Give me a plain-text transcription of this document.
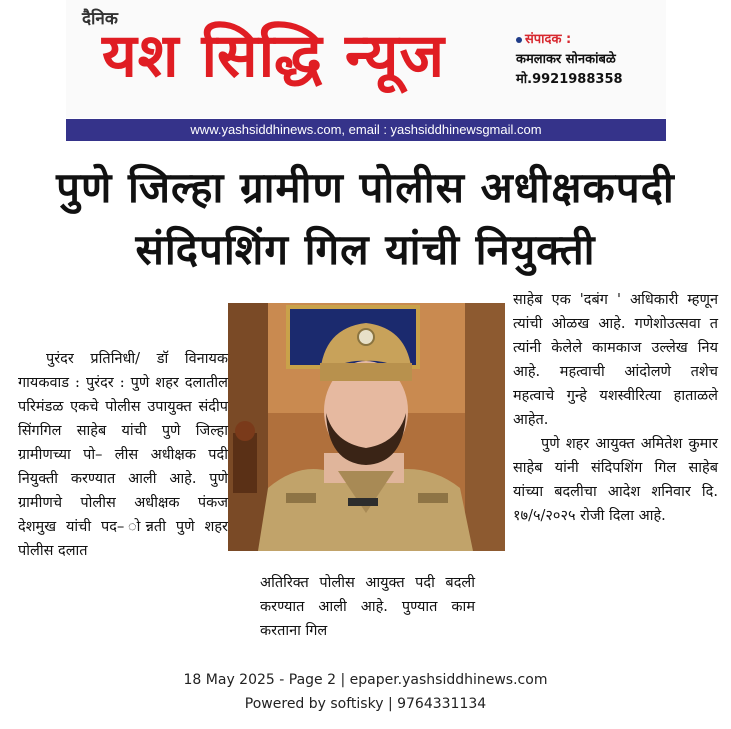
दैनिक
यश सिद्धि न्यूज	संपादक :
कमलाकर सोनकांबळे
मो.9921988358
www.yashsiddhinews.com, email : yashsiddhinewsgmail.com
पुणे जिल्हा ग्रामीण पोलीस अधीक्षकपदी
संदिपशिंग गिल यांची नियुक्ती

पुरंदर प्रतिनिधी/ डॉ विनायक गायकवाड : पुरंदर : पुणे शहर दलातील परिमंडळ एकचे पोलीस उपायुक्त संदीप सिंगगिल साहेब यांची पुणे जिल्हा ग्रामीणच्या पो– लीस अधीक्षक पदी नियुक्ती करण्यात आली आहे. पुणे ग्रामीणचे पोलीस अधीक्षक पंकज देशमुख यांची पद– ोन्नती पुणे शहर पोलीस दलात

अतिरिक्त पोलीस आयुक्त पदी बदली करण्यात आली आहे. पुण्यात काम करताना गिल

साहेब एक 'दबंग ' अधिकारी म्हणून त्यांची ओळख आहे. गणेशोउत्सवा त त्यांनी केलेले कामकाज उल्लेख निय आहे. महत्वाची आंदोलणे तशेच महत्वाचे गुन्हे यशस्वीरित्या हाताळले आहेत.

पुणे शहर आयुक्त अमितेश कुमार साहेब यांनी संदिपशिंग गिल साहेब यांच्या बदलीचा आदेश शनिवार दि. १७/५/२०२५ रोजी दिला आहे.

18 May 2025 - Page 2 | epaper.yashsiddhinews.com
Powered by softisky | 9764331134
